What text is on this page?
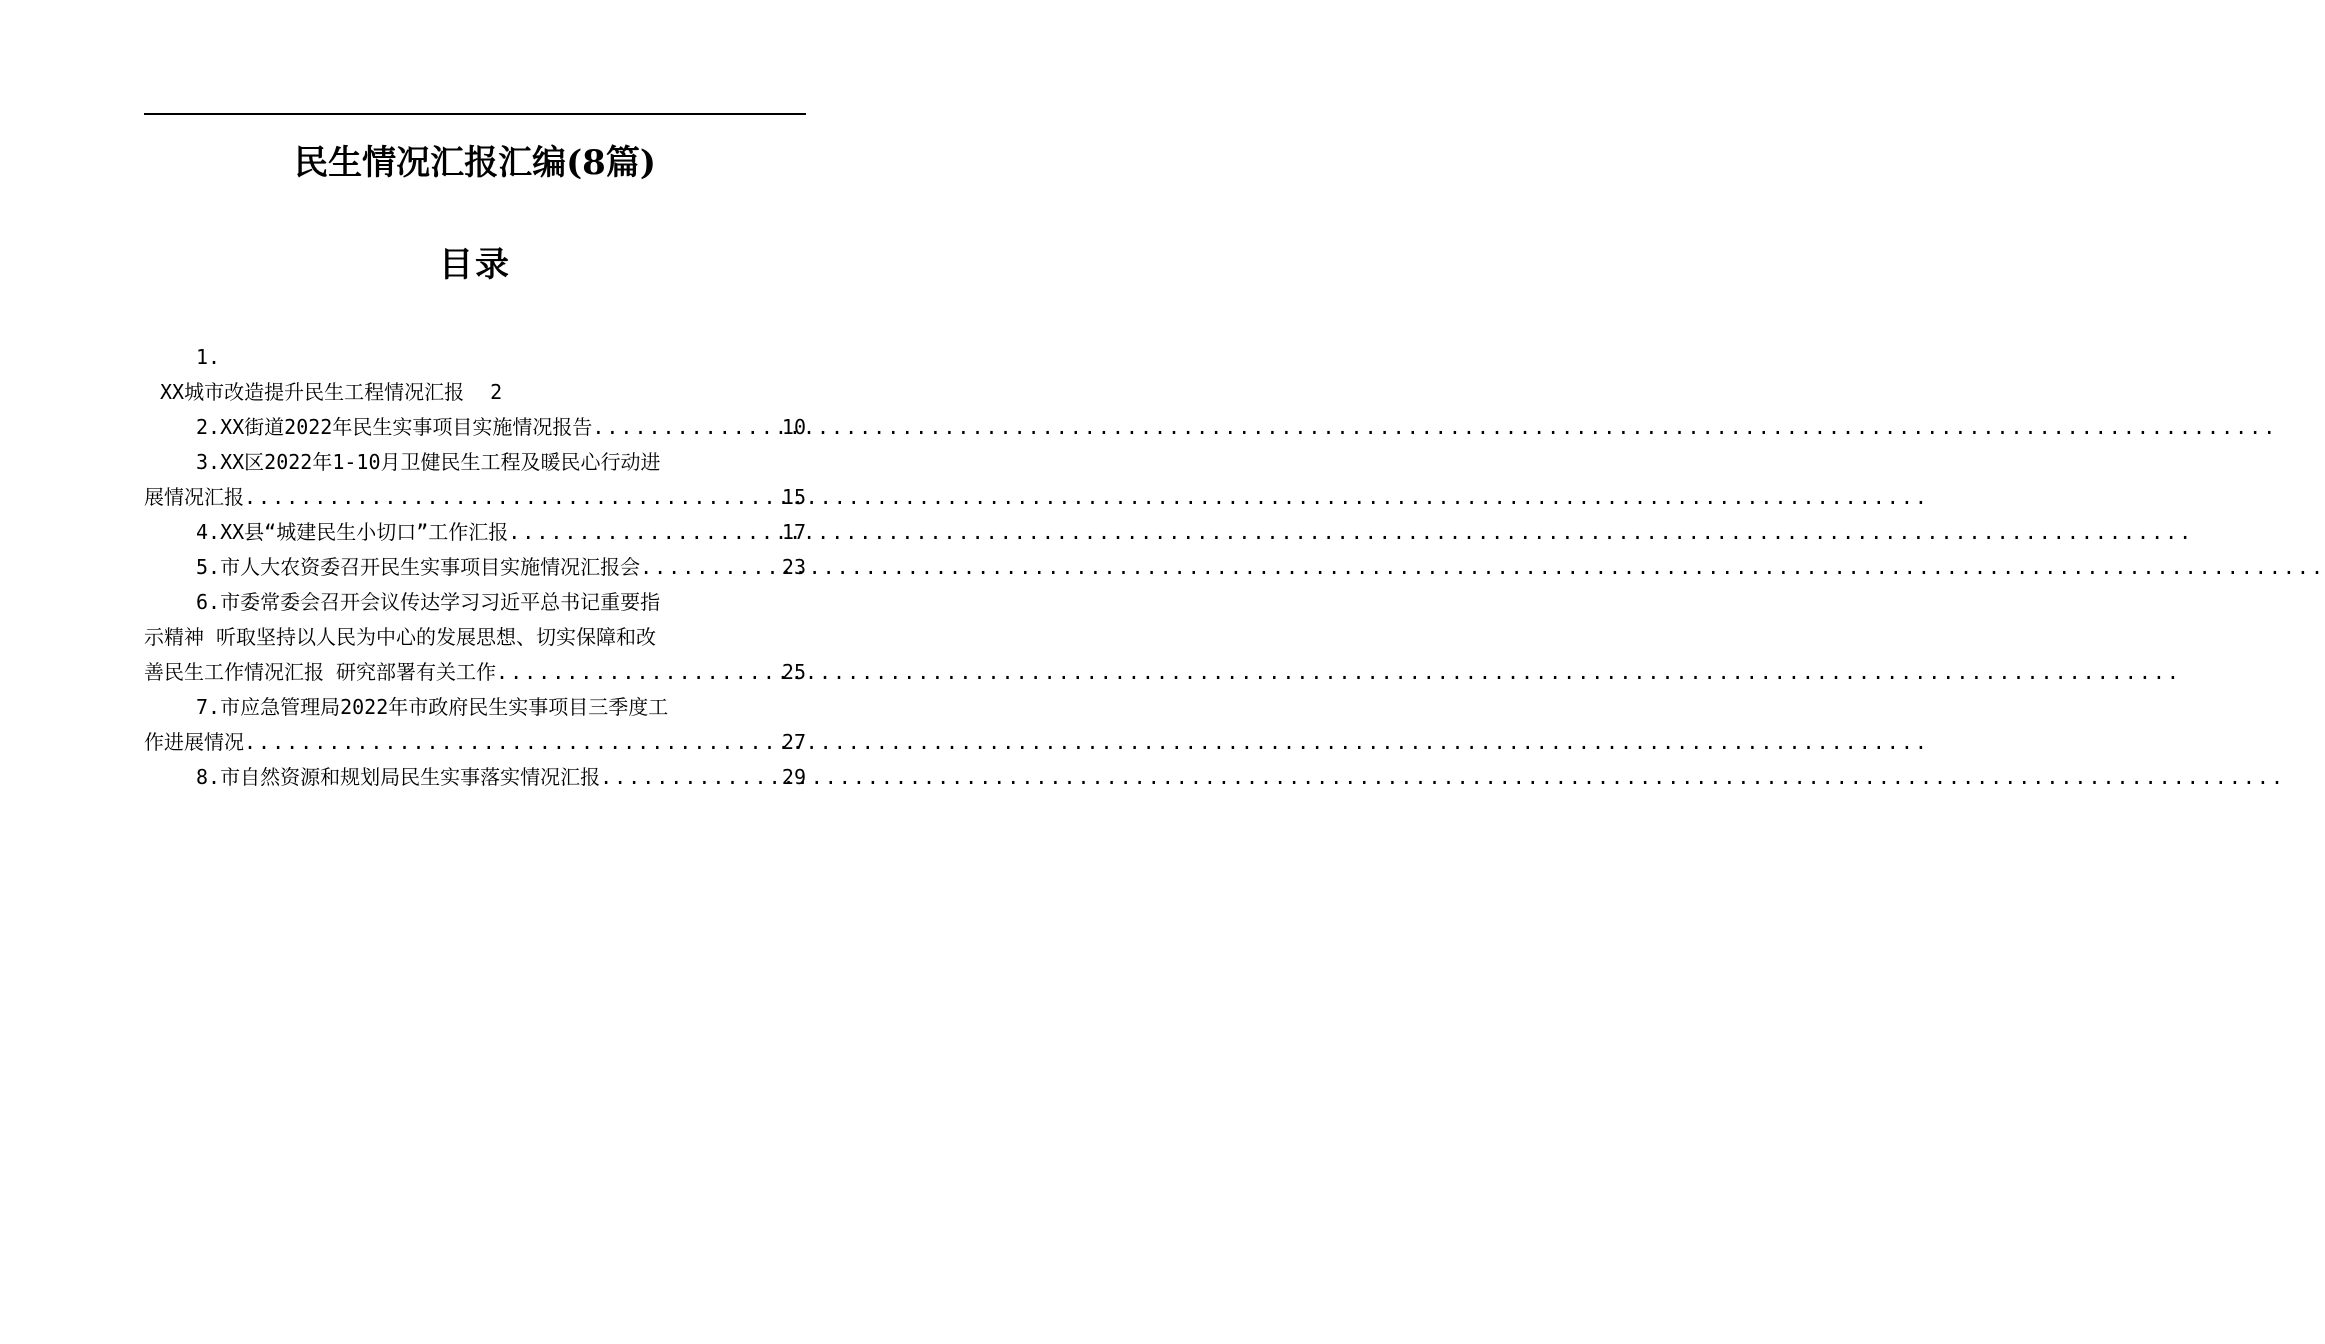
民生情况汇报汇编(8篇)
目录
1.
XX城市改造提升民生工程情况汇报 2
2.XX街道2022年民生实事项目实施情况报告 .....	10
3.XX区2022年1-10月卫健民生工程及暖民心行动进
展情况汇报 .....	15
4.XX县“城建民生小切口”工作汇报 .....	17
5.市人大农资委召开民生实事项目实施情况汇报会 .....	23
6.市委常委会召开会议传达学习习近平总书记重要指
示精神 听取坚持以人民为中心的发展思想、切实保障和改
善民生工作情况汇报 研究部署有关工作 .....	25
7.市应急管理局2022年市政府民生实事项目三季度工
作进展情况 .....	27
8.市自然资源和规划局民生实事落实情况汇报 .....	29
